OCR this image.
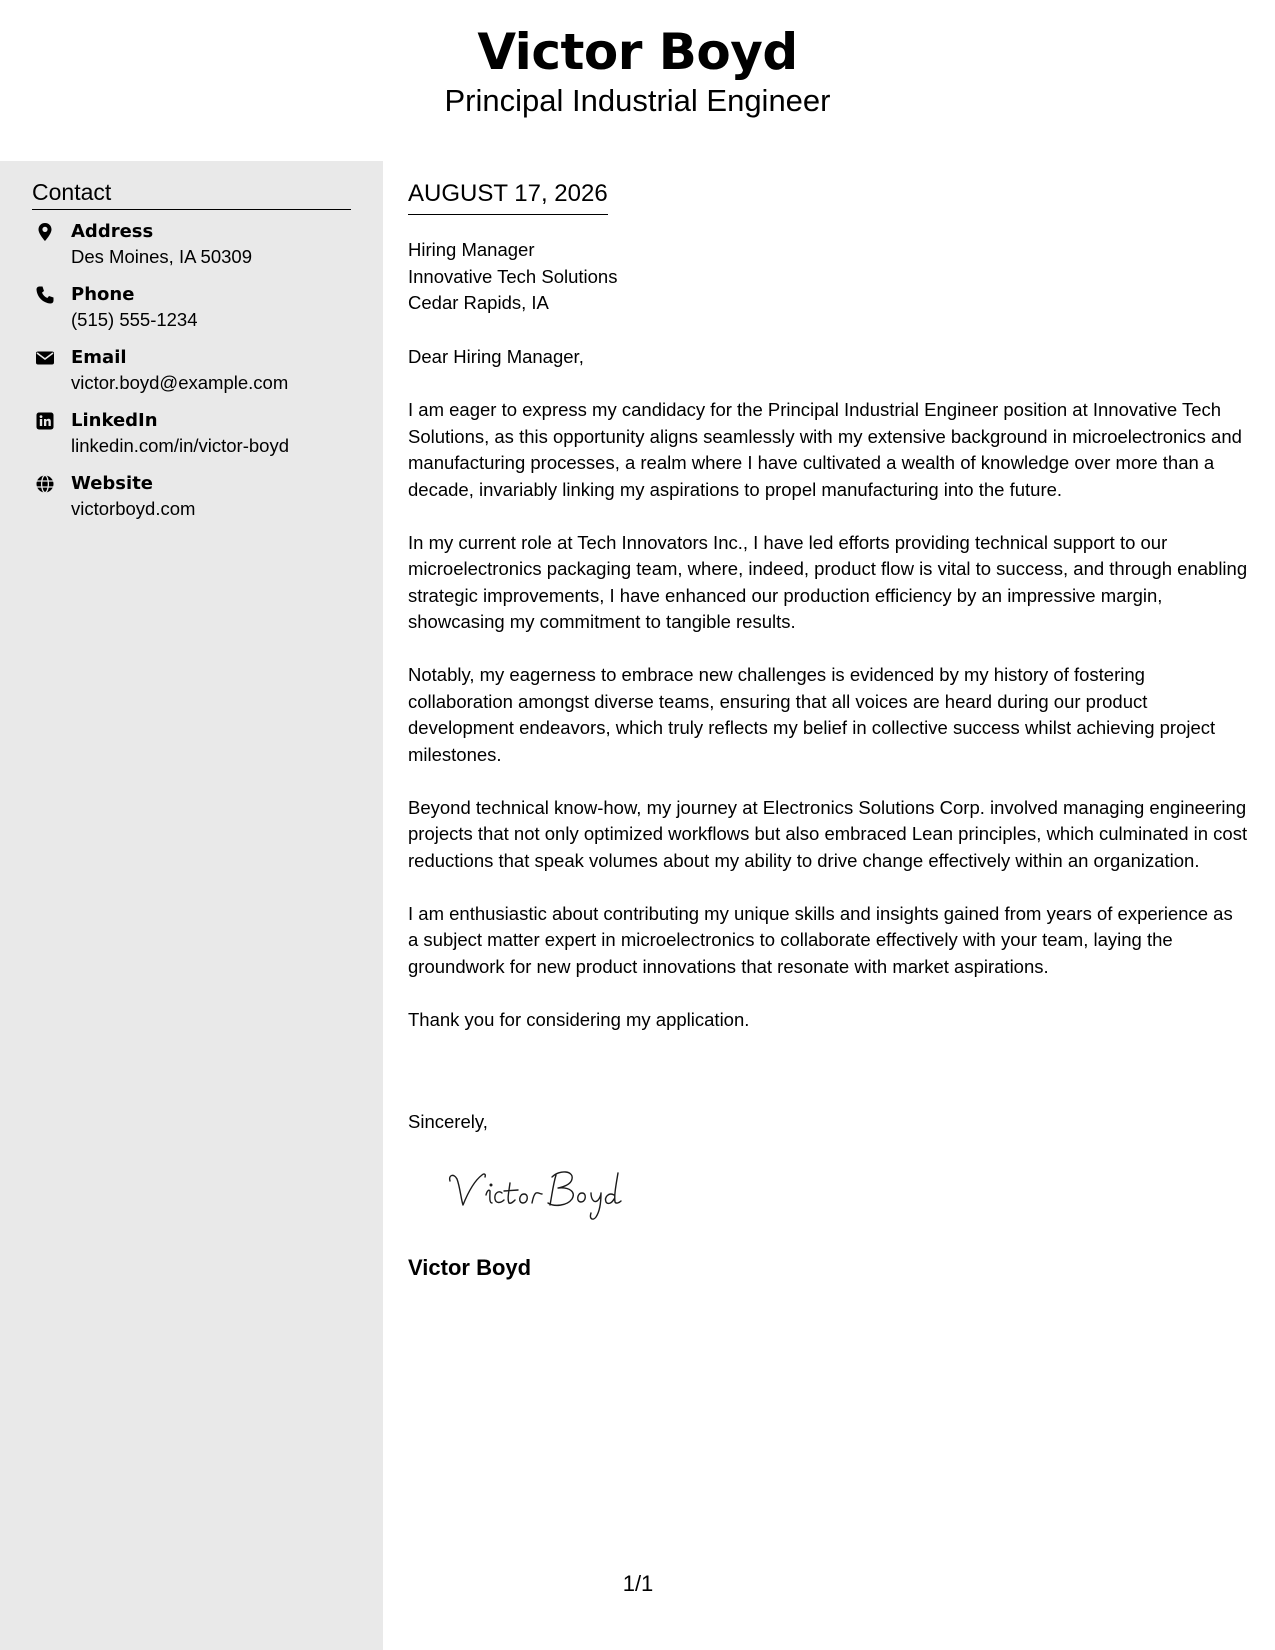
Victor Boyd
Principal Industrial Engineer
Contact
Address
Des Moines, IA 50309
Phone
(515) 555-1234
Email
victor.boyd@example.com
LinkedIn
linkedin.com/in/victor-boyd
Website
victorboyd.com
AUGUST 17, 2026
Hiring Manager
Innovative Tech Solutions
Cedar Rapids, IA
Dear Hiring Manager,

I am eager to express my candidacy for the Principal Industrial Engineer position at Innovative Tech Solutions, as this opportunity aligns seamlessly with my extensive background in microelectronics and manufacturing processes, a realm where I have cultivated a wealth of knowledge over more than a decade, invariably linking my aspirations to propel manufacturing into the future.

In my current role at Tech Innovators Inc., I have led efforts providing technical support to our microelectronics packaging team, where, indeed, product flow is vital to success, and through enabling strategic improvements, I have enhanced our production efficiency by an impressive margin, showcasing my commitment to tangible results.

Notably, my eagerness to embrace new challenges is evidenced by my history of fostering collaboration amongst diverse teams, ensuring that all voices are heard during our product development endeavors, which truly reflects my belief in collective success whilst achieving project milestones.

Beyond technical know-how, my journey at Electronics Solutions Corp. involved managing engineering projects that not only optimized workflows but also embraced Lean principles, which culminated in cost reductions that speak volumes about my ability to drive change effectively within an organization.

I am enthusiastic about contributing my unique skills and insights gained from years of experience as a subject matter expert in microelectronics to collaborate effectively with your team, laying the groundwork for new product innovations that resonate with market aspirations.

Thank you for considering my application.

Sincerely,
Victor Boyd
1/1
